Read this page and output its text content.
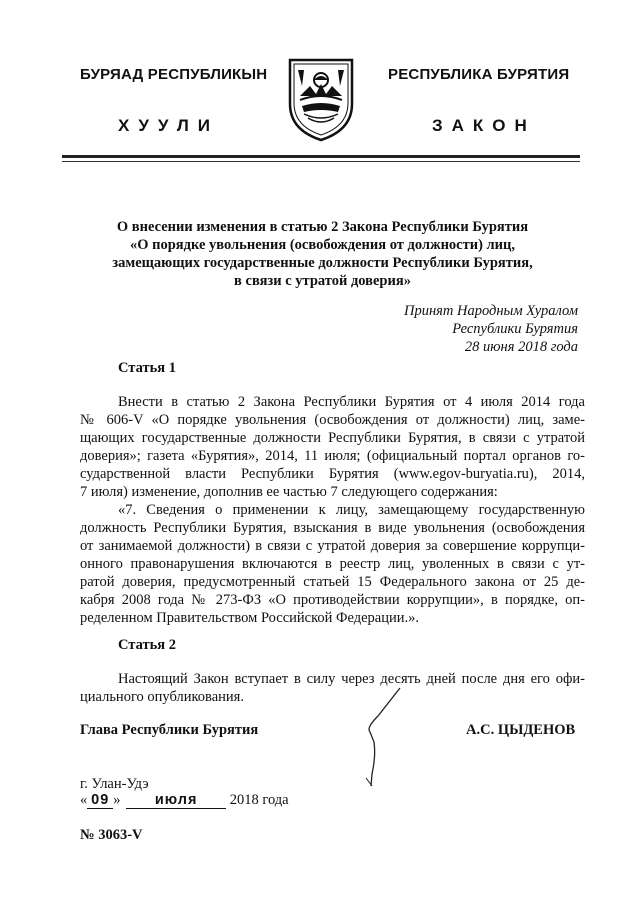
БУРЯАД РЕСПУБЛИКЫН
ХУУЛИ
РЕСПУБЛИКА БУРЯТИЯ
ЗАКОН
О внесении изменения в статью 2 Закона Республики Бурятия
«О порядке увольнения (освобождения от должности) лиц,
замещающих государственные должности Республики Бурятия,
в связи с утратой доверия»
Принят Народным Хуралом
Республики Бурятия
28 июня 2018 года
Статья 1
Внести в статью 2 Закона Республики Бурятия от 4 июля 2014 года
№ 606-V «О порядке увольнения (освобождения от должности) лиц, заме-
щающих государственные должности Республики Бурятия, в связи с утратой
доверия»; газета «Бурятия», 2014, 11 июля; (официальный портал органов го-
сударственной власти Республики Бурятия (www.egov-buryatia.ru), 2014,
7 июля) изменение, дополнив ее частью 7 следующего содержания:
«7. Сведения о применении к лицу, замещающему государственную
должность Республики Бурятия, взыскания в виде увольнения (освобождения
от занимаемой должности) в связи с утратой доверия за совершение коррупци-
онного правонарушения включаются в реестр лиц, уволенных в связи с ут-
ратой доверия, предусмотренный статьей 15 Федерального закона от 25 де-
кабря 2008 года № 273-ФЗ «О противодействии коррупции», в порядке, оп-
ределенном Правительством Российской Федерации.».
Статья 2
Настоящий Закон вступает в силу через десять дней после дня его офи-
циального опубликования.
Глава Республики Бурятия	А.С. ЦЫДЕНОВ
г. Улан-Удэ
« 09 » июля 2018 года
№ 3063-V
